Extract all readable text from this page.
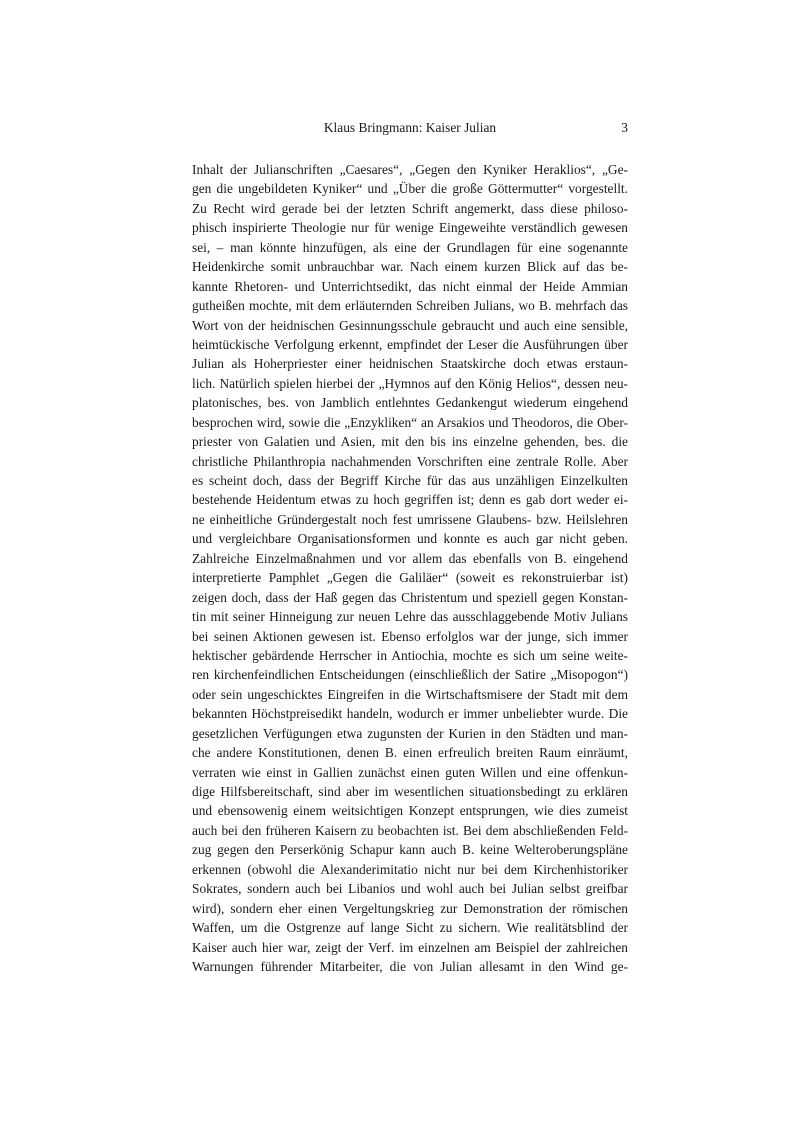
Klaus Bringmann: Kaiser Julian	3
Inhalt der Julianschriften „Caesares“, „Gegen den Kyniker Heraklios“, „Ge-
gen die ungebildeten Kyniker“ und „Über die große Göttermutter“ vorgestellt.
Zu Recht wird gerade bei der letzten Schrift angemerkt, dass diese philoso-
phisch inspirierte Theologie nur für wenige Eingeweihte verständlich gewesen
sei, – man könnte hinzufügen, als eine der Grundlagen für eine sogenannte
Heidenkirche somit unbrauchbar war. Nach einem kurzen Blick auf das be-
kannte Rhetoren- und Unterrichtsedikt, das nicht einmal der Heide Ammian
gutheißen mochte, mit dem erläuternden Schreiben Julians, wo B. mehrfach das
Wort von der heidnischen Gesinnungsschule gebraucht und auch eine sensible,
heimtückische Verfolgung erkennt, empfindet der Leser die Ausführungen über
Julian als Hoherpriester einer heidnischen Staatskirche doch etwas erstaun-
lich. Natürlich spielen hierbei der „Hymnos auf den König Helios“, dessen neu-
platonisches, bes. von Jamblich entlehntes Gedankengut wiederum eingehend
besprochen wird, sowie die „Enzykliken“ an Arsakios und Theodoros, die Ober-
priester von Galatien und Asien, mit den bis ins einzelne gehenden, bes. die
christliche Philanthropia nachahmenden Vorschriften eine zentrale Rolle. Aber
es scheint doch, dass der Begriff Kirche für das aus unzähligen Einzelkulten
bestehende Heidentum etwas zu hoch gegriffen ist; denn es gab dort weder ei-
ne einheitliche Gründergestalt noch fest umrissene Glaubens- bzw. Heilslehren
und vergleichbare Organisationsformen und konnte es auch gar nicht geben.
Zahlreiche Einzelmaßnahmen und vor allem das ebenfalls von B. eingehend
interpretierte Pamphlet „Gegen die Galiläer“ (soweit es rekonstruierbar ist)
zeigen doch, dass der Haß gegen das Christentum und speziell gegen Konstan-
tin mit seiner Hinneigung zur neuen Lehre das ausschlaggebende Motiv Julians
bei seinen Aktionen gewesen ist. Ebenso erfolglos war der junge, sich immer
hektischer gebärdende Herrscher in Antiochia, mochte es sich um seine weite-
ren kirchenfeindlichen Entscheidungen (einschließlich der Satire „Misopogon“)
oder sein ungeschicktes Eingreifen in die Wirtschaftsmisere der Stadt mit dem
bekannten Höchstpreisedikt handeln, wodurch er immer unbeliebter wurde. Die
gesetzlichen Verfügungen etwa zugunsten der Kurien in den Städten und man-
che andere Konstitutionen, denen B. einen erfreulich breiten Raum einräumt,
verraten wie einst in Gallien zunächst einen guten Willen und eine offenkun-
dige Hilfsbereitschaft, sind aber im wesentlichen situationsbedingt zu erklären
und ebensowenig einem weitsichtigen Konzept entsprungen, wie dies zumeist
auch bei den früheren Kaisern zu beobachten ist. Bei dem abschließenden Feld-
zug gegen den Perserkönig Schapur kann auch B. keine Welteroberungspläne
erkennen (obwohl die Alexanderimitatio nicht nur bei dem Kirchenhistoriker
Sokrates, sondern auch bei Libanios und wohl auch bei Julian selbst greifbar
wird), sondern eher einen Vergeltungskrieg zur Demonstration der römischen
Waffen, um die Ostgrenze auf lange Sicht zu sichern. Wie realitätsblind der
Kaiser auch hier war, zeigt der Verf. im einzelnen am Beispiel der zahlreichen
Warnungen führender Mitarbeiter, die von Julian allesamt in den Wind ge-
